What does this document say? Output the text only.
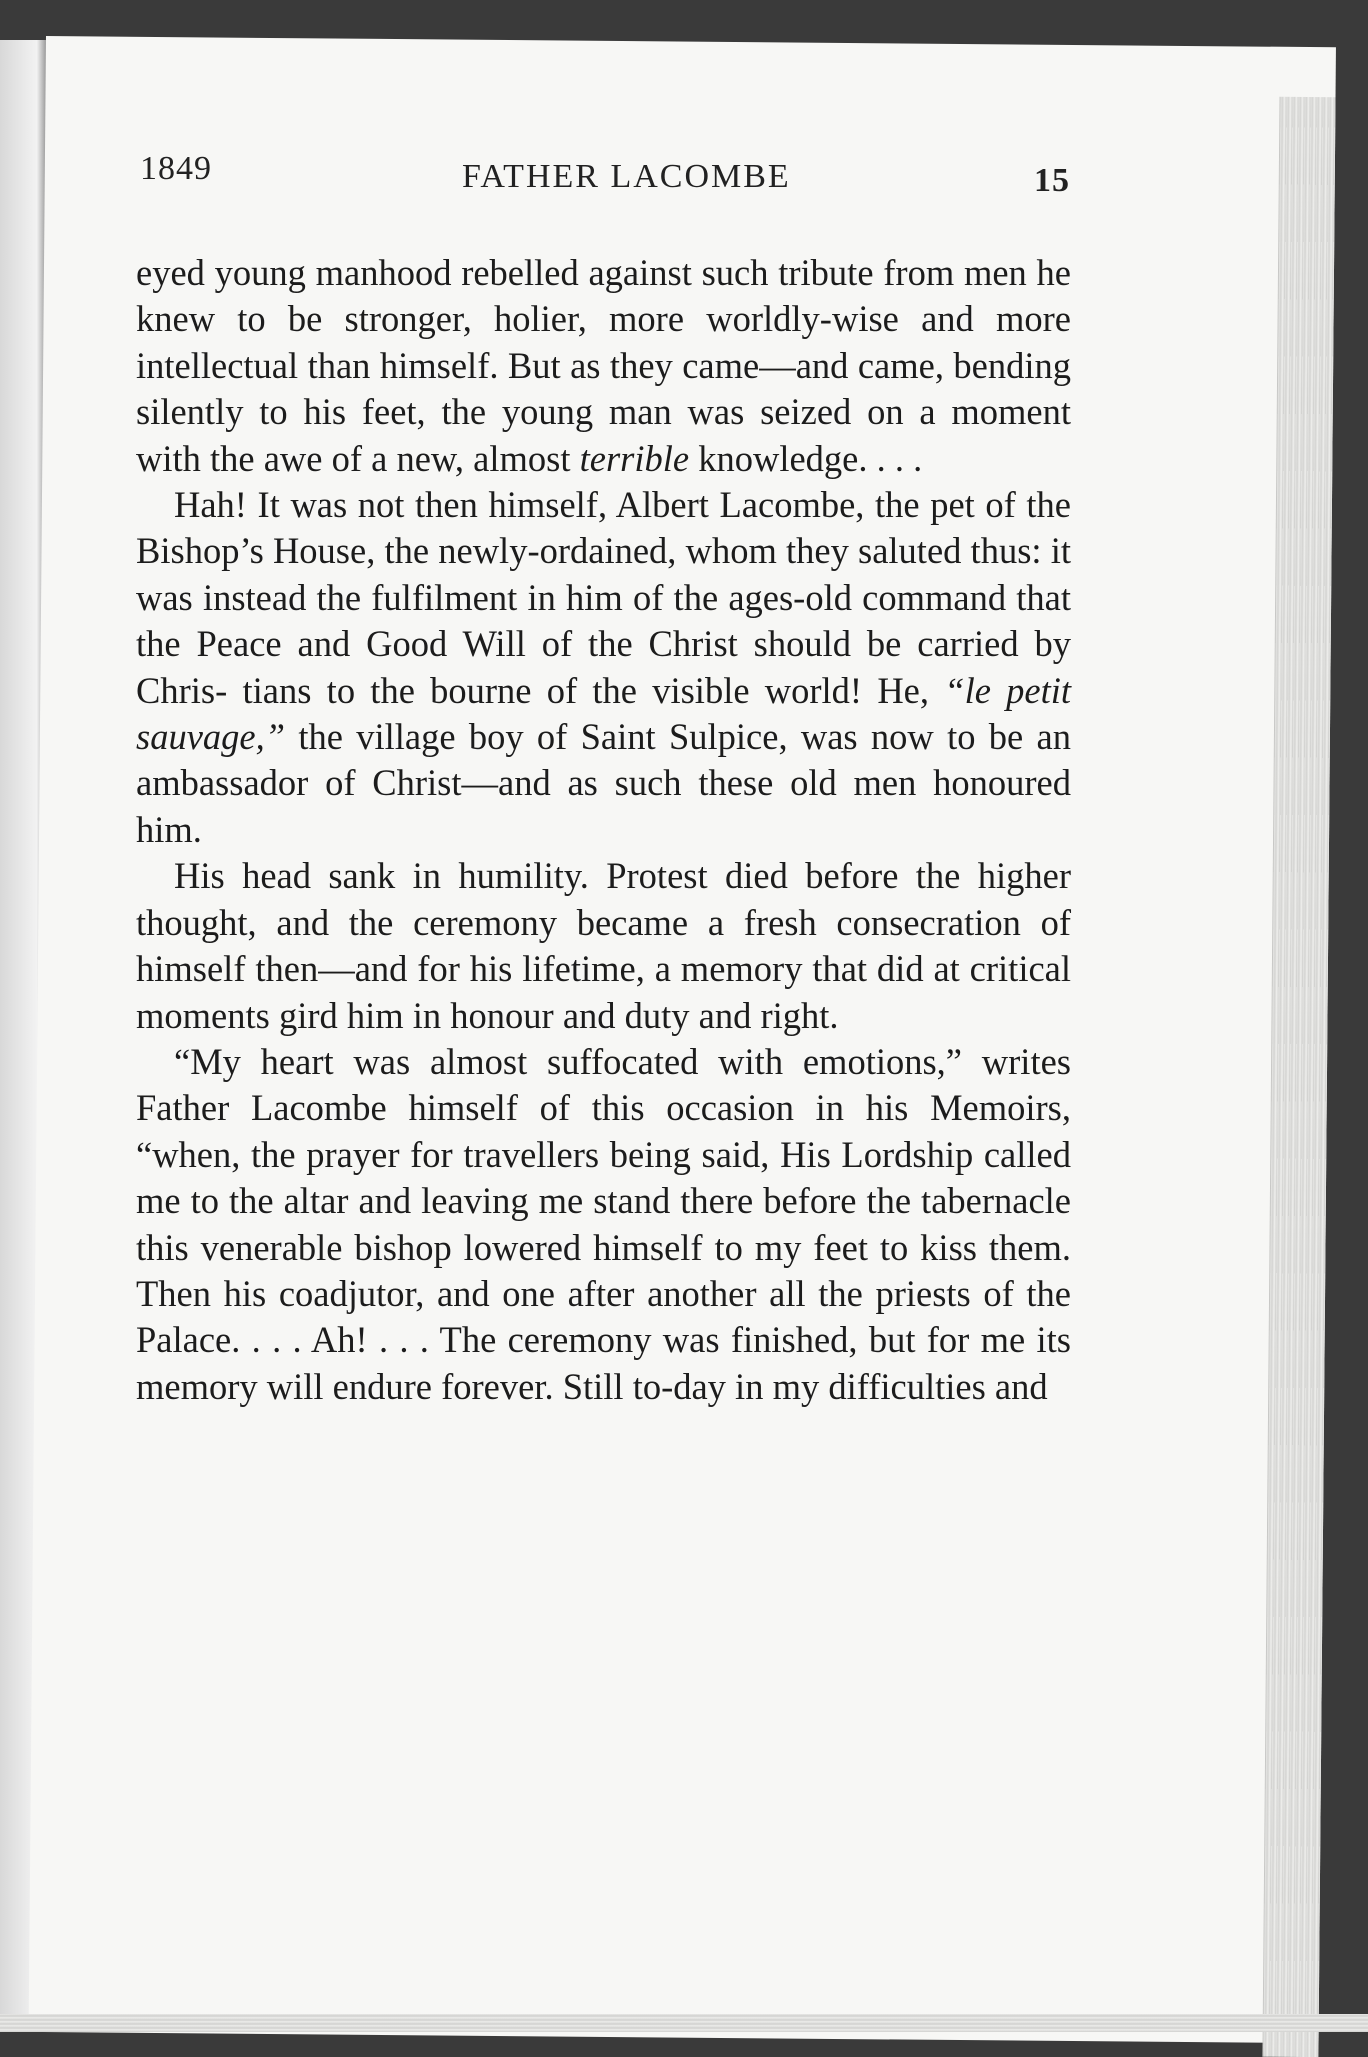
1849	FATHER LACOMBE	15

eyed young manhood rebelled against such tribute from men he knew to be stronger, holier, more worldly-wise and more intellectual than himself. But as they came—and came, bending silently to his feet, the young man was seized on a moment with the awe of a new, almost terrible knowledge. . . .

Hah! It was not then himself, Albert Lacombe, the pet of the Bishop’s House, the newly-ordained, whom they saluted thus: it was instead the fulfilment in him of the ages-old command that the Peace and Good Will of the Christ should be carried by Chris- tians to the bourne of the visible world! He, “le petit sauvage,” the village boy of Saint Sulpice, was now to be an ambassador of Christ—and as such these old men honoured him.

His head sank in humility. Protest died before the higher thought, and the ceremony became a fresh consecration of himself then—and for his lifetime, a memory that did at critical moments gird him in honour and duty and right.

“My heart was almost suffocated with emotions,” writes Father Lacombe himself of this occasion in his Memoirs, “when, the prayer for travellers being said, His Lordship called me to the altar and leaving me stand there before the tabernacle this venerable bishop lowered himself to my feet to kiss them. Then his coadjutor, and one after another all the priests of the Palace. . . . Ah! . . . The ceremony was finished, but for me its memory will endure forever. Still to-day in my difficulties and
